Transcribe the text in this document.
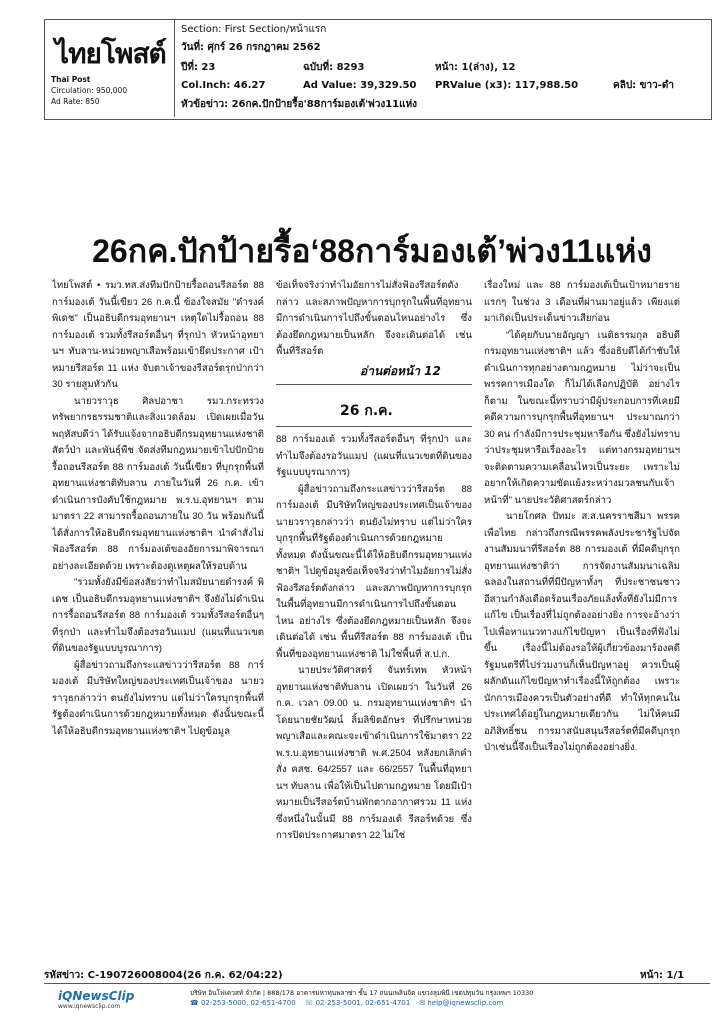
ไทยโพสต์
Thai Post
Circulation: 950,000
Ad Rate: 850
Section: First Section/หน้าแรก
วันที่: ศุกร์ 26 กรกฎาคม 2562
ปีที่: 23	ฉบับที่: 8293	หน้า: 1(ล่าง), 12
Col.Inch: 46.27	Ad Value: 39,329.50 PRValue (x3): 117,988.50	คลิป: ขาว-ดำ
หัวข้อข่าว: 26กค.ปักป้ายรื้อ'88การ์มองเต้'พ่วง11แห่ง
26กค.ปักป้ายรื้อ‘88การ์มองเต้’พ่วง11แห่ง

ไทยโพสต์ • รมว.ทส.ส่งทีมปักป้ายรื้อถอนรีสอร์ต 88 การ์มองเต้ วันนี้เขียว 26 ก.ค.นี้ ข้องใจสมัย "ดำรงค์ พิเดช" เป็นอธิบดีกรมอุทยานฯ เหตุใดไม่รื้อถอน 88 การ์มองเต้ รวมทั้งรีสอร์ตอื่นๆ ที่รุกป่า หัวหน้าอุทยานฯ ทับลาน-หน่วยพญาเสือพร้อมเข้ายึดประกาศ เป้าหมายรีสอร์ต 11 แห่ง จับตาเจ้าของรีสอร์ตรุกป่ากว่า 30 รายสูมหัวกัน

นายวราวุธ ศิลปอาชา รมว.กระทรวงทรัพยากรธรรมชาติและสิ่งแวดล้อม เปิดเผยเมื่อวันพฤหัสบดีว่า ได้รับแจ้งจากอธิบดีกรมอุทยานแห่งชาติ สัตว์ป่า และพันธุ์พืช จัดส่งทีมกฎหมายเข้าไปปักป้ายรื้อถอนรีสอร์ต 88 การ์มองเต้ วันนี้เขียว ที่บุกรุกพื้นที่อุทยานแห่งชาติทับลาน ภายในวันที่ 26 ก.ค. เข้าดำเนินการบังคับใช้กฎหมาย พ.ร.บ.อุทยานฯ ตามมาตรา 22 สามารถรื้อถอนภายใน 30 วัน พร้อมกันนี้ได้สั่งการให้อธิบดีกรมอุทยานแห่งชาติฯ นำคำสั่งไม่ฟ้องรีสอร์ต 88 การ์มองเต้ของอัยการมาพิจารณาอย่างละเอียดด้วย เพราะต้องดูเหตุผลให้รอบด้าน

"รวมทั้งยังมีข้อสงสัยว่าทำไมสมัยนายดำรงค์ พิเดช เป็นอธิบดีกรมอุทยานแห่งชาติฯ จึงยังไม่ดำเนินการรื้อถอนรีสอร์ต 88 การ์มองเต้ รวมทั้งรีสอร์ตอื่นๆ ที่รุกป่า และทำไมจึงต้องรอวันแมป (แผนที่แนวเขตที่ดินของรัฐแบบบูรณาการ)

ผู้สื่อข่าวถามถึงกระแสข่าวว่ารีสอร์ต 88 การ์มองเต้ มีบริษัทใหญ่ของประเทศเป็นเจ้าของ นายวราวุธกล่าวว่า ตนยังไม่ทราบ แต่ไม่ว่าใครบุกรุกพื้นที่รัฐต้องดำเนินการด้วยกฎหมายทั้งหมด ดังนั้นขณะนี้ได้ให้อธิบดีกรมอุทยานแห่งชาติฯ ไปดูข้อมูล

ข้อเท็จจริงว่าทำไมอัยการไม่สั่งฟ้องรีสอร์ตดังกล่าว และสภาพปัญหาการบุกรุกในพื้นที่อุทยานมีการดำเนินการไปถึงขั้นตอนไหนอย่างไร ซึ่งต้องยึดกฎหมายเป็นหลัก จึงจะเดินต่อได้ เช่น พื้นที่รีสอร์ต

อ่านต่อหน้า 12
26 ก.ค.

88 การ์มองเต้ รวมทั้งรีสอร์ตอื่นๆ ที่รุกป่า และทำไมจึงต้องรอวันแมป (แผนที่แนวเขตที่ดินของรัฐแบบบูรณาการ)

ผู้สื่อข่าวถามถึงกระแสข่าวว่ารีสอร์ต 88 การ์มองเต้ มีบริษัทใหญ่ของประเทศเป็นเจ้าของ นายวราวุธกล่าวว่า ตนยังไม่ทราบ แต่ไม่ว่าใครบุกรุกพื้นที่รัฐต้องดำเนินการด้วยกฎหมายทั้งหมด ดังนั้นขณะนี้ได้ให้อธิบดีกรมอุทยานแห่งชาติฯ ไปดูข้อมูลข้อเท็จจริงว่าทำไมอัยการไม่สั่งฟ้องรีสอร์ตดังกล่าว และสภาพปัญหาการบุกรุกในพื้นที่อุทยานมีการดำเนินการไปถึงขั้นตอนไหน อย่างไร ซึ่งต้องยึดกฎหมายเป็นหลัก จึงจะเดินต่อได้ เช่น พื้นที่รีสอร์ต 88 การ์มองเต้ เป็นพื้นที่ของอุทยานแห่งชาติ ไม่ใช่พื้นที่ ส.ป.ก.

นายประวัติศาสตร์ จันทร์เทพ หัวหน้าอุทยานแห่งชาติทับลาน เปิดเผยว่า ในวันที่ 26 ก.ค. เวลา 09.00 น. กรมอุทยานแห่งชาติฯ นำโดยนายชัยวัฒน์ ลิ้มลิขิตอักษร ที่ปรึกษาหน่วยพญาเสือและคณะจะเข้าดำเนินการใช้มาตรา 22 พ.ร.บ.อุทยานแห่งชาติ พ.ศ.2504 หลังยกเลิกคำสั่ง คสช. 64/2557 และ 66/2557 ในพื้นที่อุทยานฯ ทับลาน เพื่อให้เป็นไปตามกฎหมาย โดยมีเป้าหมายเป็นรีสอร์ตบ้านพักตากอากาศรวม 11 แห่ง ซึ่งหนึ่งในนั้นมี 88 การ์มองเต้ รีสอร์ทด้วย ซึ่งการปิดประกาศมาตรา 22 ไม่ใช่

เรื่องใหม่ และ 88 การ์มองเต้เป็นเป้าหมายรายแรกๆ ในช่วง 3 เดือนที่ผ่านมาอยู่แล้ว เพียงแต่มาเกิดเป็นประเด็นข่าวเสียก่อน

"ได้คุยกับนายอัญญา เนติธรรมกุล อธิบดีกรมอุทยานแห่งชาติฯ แล้ว ซึ่งอธิบดีได้กำชับให้ดำเนินการทุกอย่างตามกฎหมาย ไม่ว่าจะเป็นพรรคการเมืองใด ก็ไม่ได้เลือกปฏิบัติ อย่างไรก็ตาม ในขณะนี้ทราบว่ามีผู้ประกอบการที่เคยมีคดีความการบุกรุกพื้นที่อุทยานฯ ประมาณกว่า 30 คน กำลังมีการประชุมหารือกัน ซึ่งยังไม่ทราบว่าประชุมหารือเรื่องอะไร แต่ทางกรมอุทยานฯ จะติดตามความเคลื่อนไหวเป็นระยะ เพราะไม่อยากให้เกิดความขัดแย้งระหว่างมวลชนกับเจ้าหน้าที่" นายประวัติศาสตร์กล่าว

นายโกศล ปัทมะ ส.ส.นครราชสีมา พรรคเพื่อไทย กล่าวถึงกรณีพรรคพลังประชารัฐไปจัดงานสัมมนาที่รีสอร์ต 88 การมองเต้ ที่มีคดีบุกรุกอุทยานแห่งชาติว่า การจัดงานสัมมนาเฉลิมฉลองในสถานที่ที่มีปัญหาทั้งๆ ที่ประชาชนชาวอีสานกำลังเดือดร้อนเรื่องภัยแล้งทั้งที่ยังไม่มีการแก้ไข เป็นเรื่องที่ไม่ถูกต้องอย่างยิ่ง การจะอ้างว่าไปเพื่อหาแนวทางแก้ไขปัญหา เป็นเรื่องที่ฟังไม่ขึ้น เรื่องนี้ไม่ต้องรอให้ผู้เกี่ยวข้องมาร้องคดี รัฐมนตรีที่ไปร่วมงานก็เห็นปัญหาอยู่ ควรเป็นผู้ผลักดันแก้ไขปัญหาทำเรื่องนี้ให้ถูกต้อง เพราะนักการเมืองควรเป็นตัวอย่างที่ดี ทำให้ทุกคนในประเทศได้อยู่ในกฎหมายเดียวกัน ไม่ให้คนมีอภิสิทธิ์ชน การมาสนับสนุนรีสอร์ตที่มีคดีบุกรุกป่าเช่นนี้จึงเป็นเรื่องไม่ถูกต้องอย่างยิ่ง.

รหัสข่าว: C-190726008004(26 ก.ค. 62/04:22)	หน้า: 1/1
iQNewsClip
www.iqnewsclip.com
บริษัท อินโฟเควสท์ จำกัด | 888/178 อาคารมหาทุนพลาซ่า ชั้น 17 ถนนเพลินจิต แขวงลุมพินี เขตปทุมวัน กรุงเทพฯ 10330
☎ 02-253-5000, 02-651-4700 ☏ 02-253-5001, 02-651-4701 ✉ help@iqnewsclip.com
